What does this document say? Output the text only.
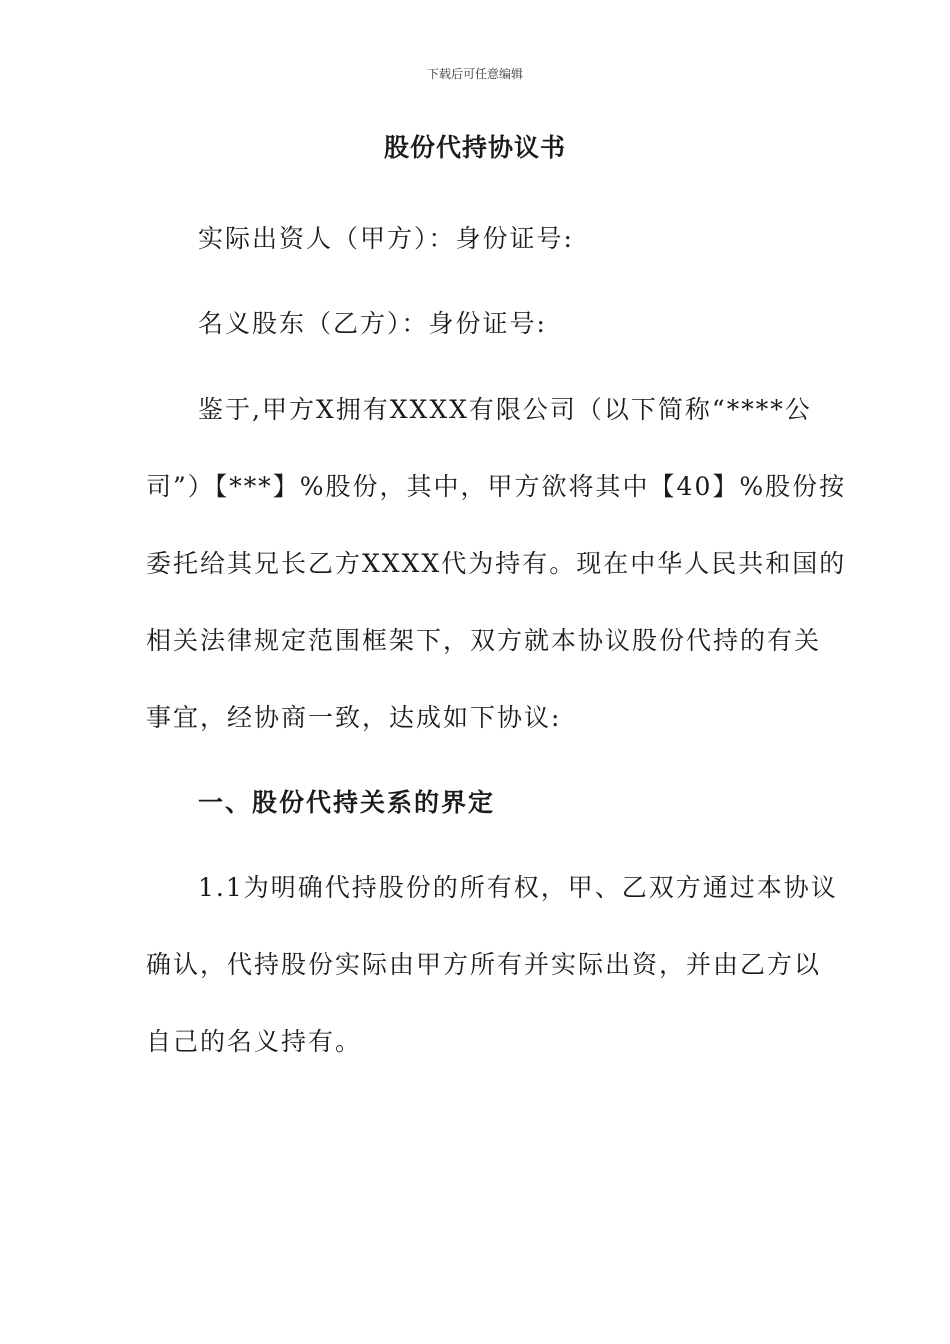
下载后可任意编辑
股份代持协议书
实际出资人（甲方）：身份证号:
名义股东（乙方）：身份证号:
鉴于,甲方X拥有XXXX有限公司（以下简称“****公
司”）【***】%股份，其中，甲方欲将其中【40】%股份按
委托给其兄长乙方XXXX代为持有。现在中华人民共和国的
相关法律规定范围框架下，双方就本协议股份代持的有关
事宜，经协商一致，达成如下协议:
一、股份代持关系的界定
1.1为明确代持股份的所有权，甲、乙双方通过本协议
确认，代持股份实际由甲方所有并实际出资，并由乙方以
自己的名义持有。
